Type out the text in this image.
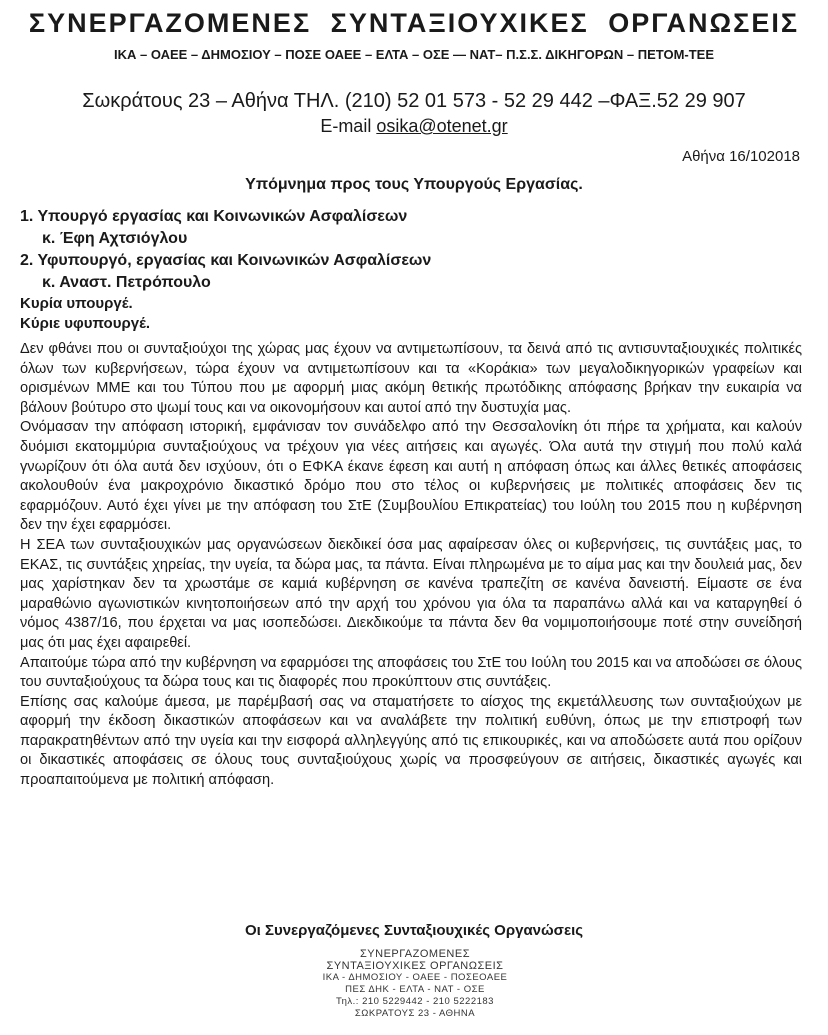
ΣΥΝΕΡΓΑΖΟΜΕΝΕΣ ΣΥΝΤΑΞΙΟΥΧΙΚΕΣ ΟΡΓΑΝΩΣΕΙΣ
ΙΚΑ – ΟΑΕΕ – ΔΗΜΟΣΙΟΥ – ΠΟΣΕ ΟΑΕΕ – ΕΛΤΑ – ΟΣΕ — ΝΑΤ– Π.Σ.Σ. ΔΙΚΗΓΟΡΩΝ – ΠΕΤΟΜ-ΤΕΕ
Σωκράτους 23 – Αθήνα ΤΗΛ. (210) 52 01 573 - 52 29 442 –ΦΑΞ.52 29 907
E-mail osika@otenet.gr
Αθήνα 16/102018
Υπόμνημα προς τους Υπουργούς Εργασίας.
1. Υπουργό εργασίας και Κοινωνικών Ασφαλίσεων
κ. Έφη Αχτσιόγλου
2. Υφυπουργό, εργασίας και Κοινωνικών Ασφαλίσεων
κ. Αναστ. Πετρόπουλο
Κυρία υπουργέ.
Κύριε υφυπουργέ.

Δεν φθάνει που οι συνταξιούχοι της χώρας μας έχουν να αντιμετωπίσουν, τα δεινά από τις αντισυνταξιουχικές πολιτικές όλων των κυβερνήσεων, τώρα έχουν να αντιμετωπίσουν και τα «Κοράκια» των μεγαλοδικηγορικών γραφείων και ορισμένων ΜΜΕ και του Τύπου που με αφορμή μιας ακόμη θετικής πρωτόδικης απόφασης βρήκαν την ευκαιρία να βάλουν βούτυρο στο ψωμί τους και να οικονομήσουν και αυτοί από την δυστυχία μας.

Ονόμασαν την απόφαση ιστορική, εμφάνισαν τον συνάδελφο από την Θεσσαλονίκη ότι πήρε τα χρήματα, και καλούν δυόμισι εκατομμύρια συνταξιούχους να τρέχουν για νέες αιτήσεις και αγωγές. Όλα αυτά την στιγμή που πολύ καλά γνωρίζουν ότι όλα αυτά δεν ισχύουν, ότι ο ΕΦΚΑ έκανε έφεση και αυτή η απόφαση όπως και άλλες θετικές αποφάσεις ακολουθούν ένα μακροχρόνιο δικαστικό δρόμο που στο τέλος οι κυβερνήσεις με πολιτικές αποφάσεις δεν τις εφαρμόζουν. Αυτό έχει γίνει με την απόφαση του ΣτΕ (Συμβουλίου Επικρατείας) του Ιούλη του 2015 που η κυβέρνηση δεν την έχει εφαρμόσει.

Η ΣΕΑ των συνταξιουχικών μας οργανώσεων διεκδικεί όσα μας αφαίρεσαν όλες οι κυβερνήσεις, τις συντάξεις μας, το ΕΚΑΣ, τις συντάξεις χηρείας, την υγεία, τα δώρα μας, τα πάντα. Είναι πληρωμένα με το αίμα μας και την δουλειά μας, δεν μας χαρίστηκαν δεν τα χρωστάμε σε καμιά κυβέρνηση σε κανένα τραπεζίτη σε κανένα δανειστή. Είμαστε σε ένα μαραθώνιο αγωνιστικών κινητοποιήσεων από την αρχή του χρόνου για όλα τα παραπάνω αλλά και να καταργηθεί ό νόμος 4387/16, που έρχεται να μας ισοπεδώσει. Διεκδικούμε τα πάντα δεν θα νομιμοποιήσουμε ποτέ στην συνείδησή μας ότι μας έχει αφαιρεθεί.

Απαιτούμε τώρα από την κυβέρνηση να εφαρμόσει της αποφάσεις του ΣτΕ του Ιούλη του 2015 και να αποδώσει σε όλους του συνταξιούχους τα δώρα τους και τις διαφορές που προκύπτουν στις συντάξεις.

Επίσης σας καλούμε άμεσα, με παρέμβασή σας να σταματήσετε το αίσχος της εκμετάλλευσης των συνταξιούχων με αφορμή την έκδοση δικαστικών αποφάσεων και να αναλάβετε την πολιτική ευθύνη, όπως με την επιστροφή των παρακρατηθέντων από την υγεία και την εισφορά αλληλεγγύης από τις επικουρικές, και να αποδώσετε αυτά που ορίζουν οι δικαστικές αποφάσεις σε όλους τους συνταξιούχους χωρίς να προσφεύγουν σε αιτήσεις, δικαστικές αγωγές και προαπαιτούμενα με πολιτική απόφαση.

Οι Συνεργαζόμενες Συνταξιουχικές Οργανώσεις
ΣΥΝΕΡΓΑΖΟΜΕΝΕΣ
ΣΥΝΤΑΞΙΟΥΧΙΚΕΣ ΟΡΓΑΝΩΣΕΙΣ
ΙΚΑ - ΔΗΜΟΣΙΟΥ - ΟΑΕΕ - ΠΟΣΕΟΑΕΕ
ΠΕΣ ΔΗΚ - ΕΛΤΑ - ΝΑΤ - ΟΣΕ
Τηλ.: 210 5229442 - 210 5222183
ΣΩΚΡΑΤΟΥΣ 23 - ΑΘΗΝΑ
